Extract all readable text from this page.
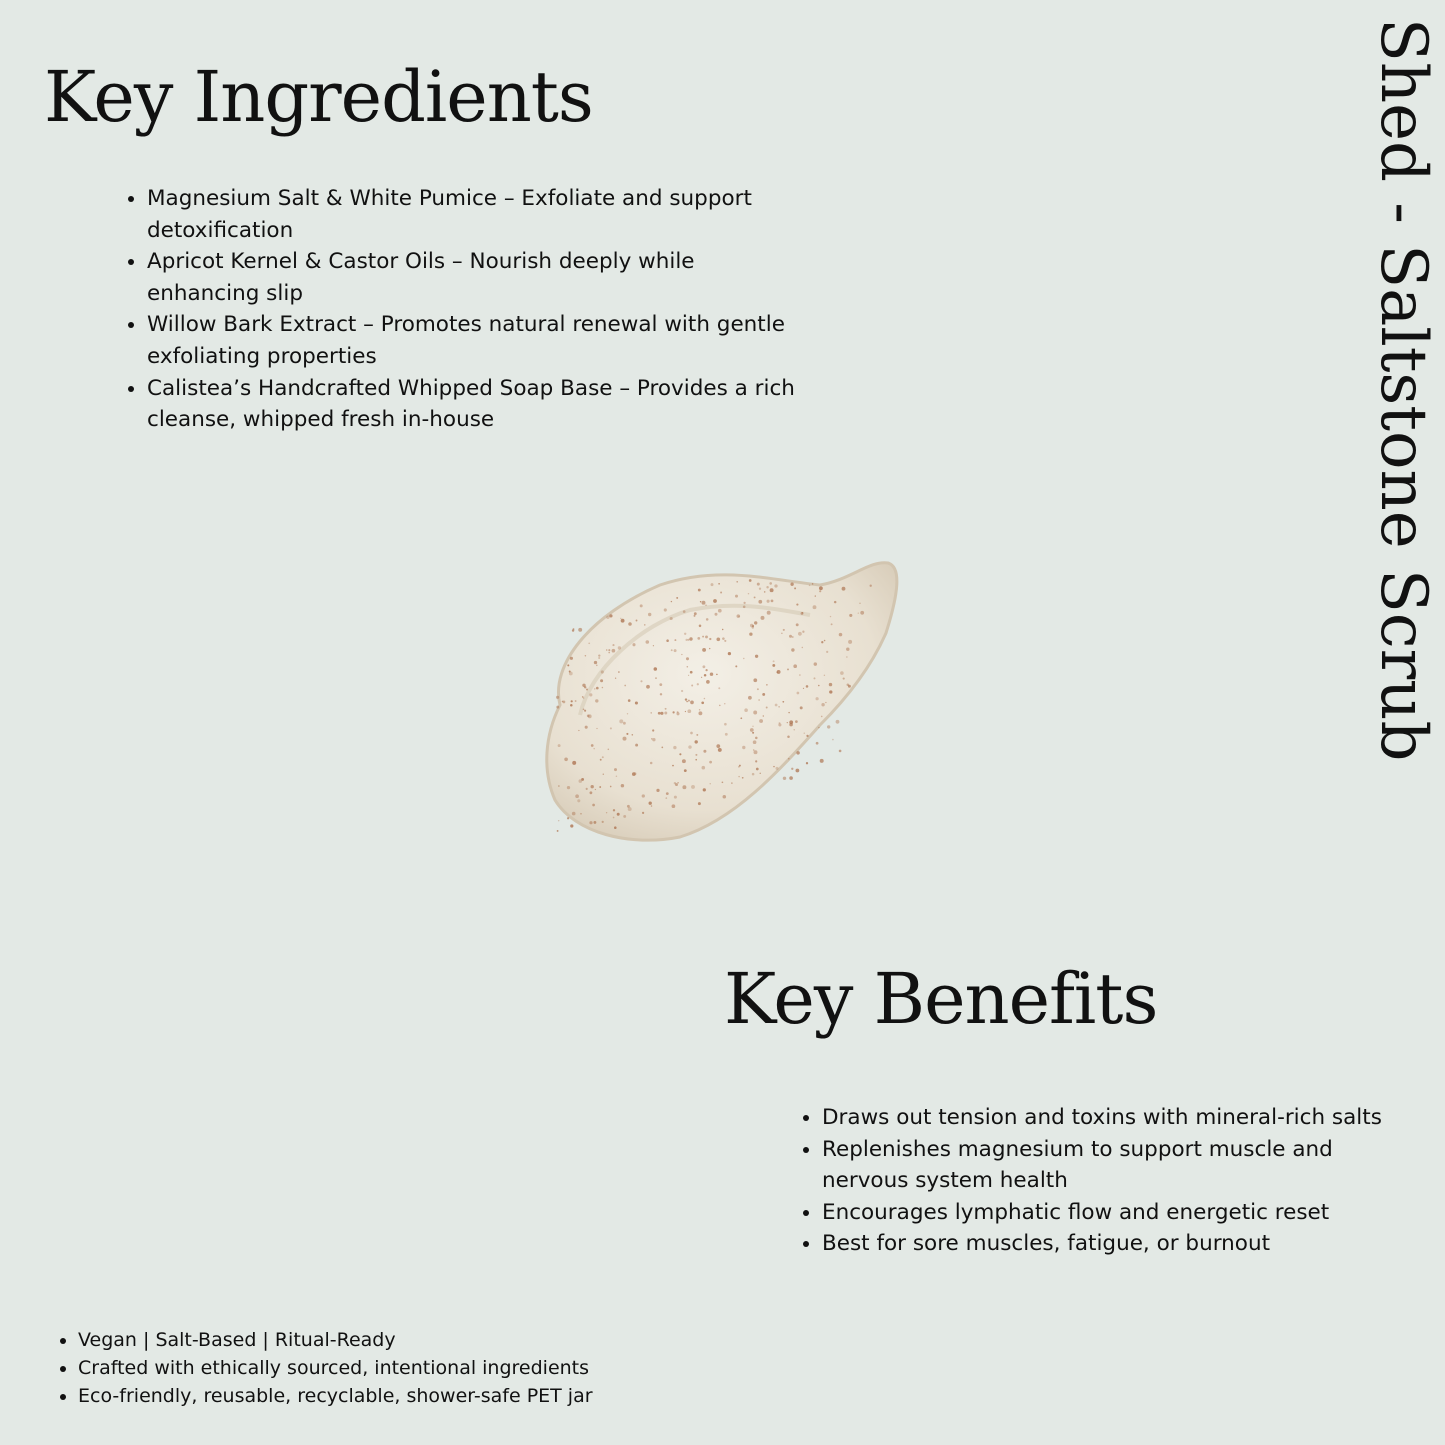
Key Ingredients
• Magnesium Salt & White Pumice – Exfoliate and support detoxification
• Apricot Kernel & Castor Oils – Nourish deeply while enhancing slip
• Willow Bark Extract – Promotes natural renewal with gentle exfoliating properties
• Calistea’s Handcrafted Whipped Soap Base – Provides a rich cleanse, whipped fresh in-house	Shed - Saltstone Scrub
Key Benefits
• Draws out tension and toxins with mineral-rich salts
• Replenishes magnesium to support muscle and nervous system health
• Encourages lymphatic flow and energetic reset
• Best for sore muscles, fatigue, or burnout
• Vegan | Salt-Based | Ritual-Ready
• Crafted with ethically sourced, intentional ingredients
• Eco-friendly, reusable, recyclable, shower-safe PET jar
